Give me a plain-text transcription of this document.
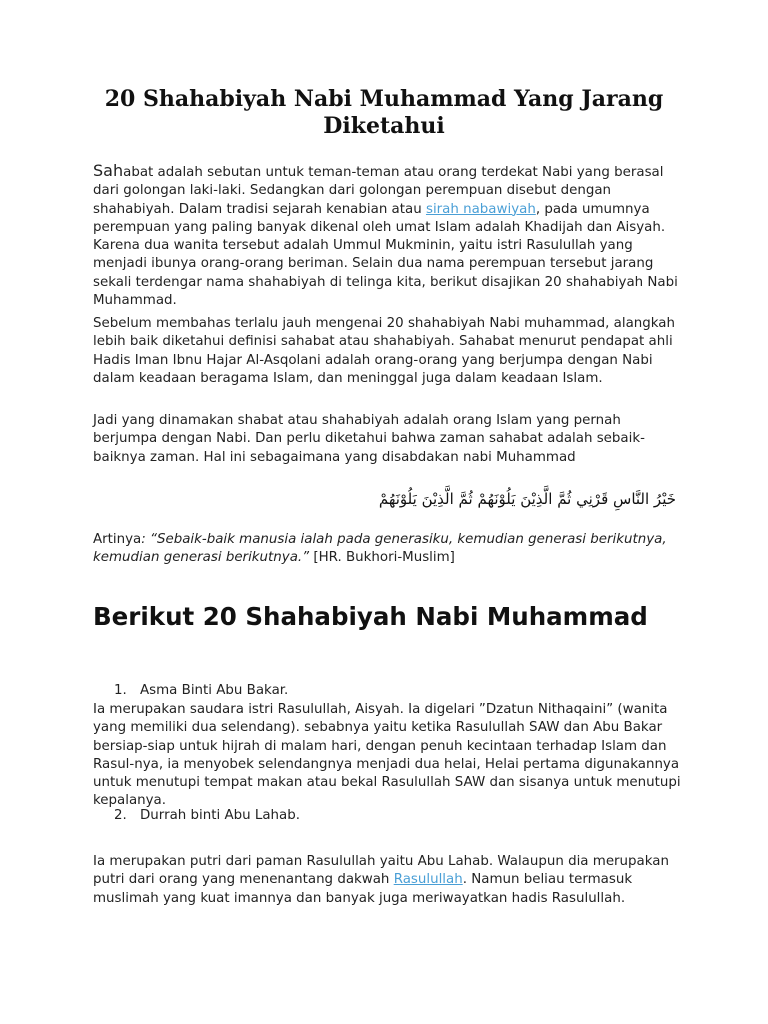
20 Shahabiyah Nabi Muhammad Yang Jarang Diketahui

Sahabat adalah sebutan untuk teman-teman atau orang terdekat Nabi yang berasal dari golongan laki-laki. Sedangkan dari golongan perempuan disebut dengan shahabiyah. Dalam tradisi sejarah kenabian atau sirah nabawiyah, pada umumnya perempuan yang paling banyak dikenal oleh umat Islam adalah Khadijah dan Aisyah. Karena dua wanita tersebut adalah Ummul Mukminin, yaitu istri Rasulullah yang menjadi ibunya orang-orang beriman. Selain dua nama perempuan tersebut jarang sekali terdengar nama shahabiyah di telinga kita, berikut disajikan 20 shahabiyah Nabi Muhammad.

Sebelum membahas terlalu jauh mengenai 20 shahabiyah Nabi muhammad, alangkah lebih baik diketahui definisi sahabat atau shahabiyah. Sahabat menurut pendapat ahli Hadis Iman Ibnu Hajar Al-Asqolani adalah orang-orang yang berjumpa dengan Nabi dalam keadaan beragama Islam, dan meninggal juga dalam keadaan Islam.

Jadi yang dinamakan shabat atau shahabiyah adalah orang Islam yang pernah berjumpa dengan Nabi. Dan perlu diketahui bahwa zaman sahabat adalah sebaik-baiknya zaman. Hal ini sebagaimana yang disabdakan nabi Muhammad

خَيْرُ النَّاسِ قَرْنِي ثُمَّ الَّذِيْنَ يَلُوْنَهُمْ ثُمَّ الَّذِيْنَ يَلُوْنَهُمْ

Artinya: “Sebaik-baik manusia ialah pada generasiku, kemudian generasi berikutnya, kemudian generasi berikutnya.” [HR. Bukhori-Muslim]

Berikut 20 Shahabiyah Nabi Muhammad

1. Asma Binti Abu Bakar.

Ia merupakan saudara istri Rasulullah, Aisyah. Ia digelari ”Dzatun Nithaqaini” (wanita yang memiliki dua selendang). sebabnya yaitu ketika Rasulullah SAW dan Abu Bakar bersiap-siap untuk hijrah di malam hari, dengan penuh kecintaan terhadap Islam dan Rasul-nya, ia menyobek selendangnya menjadi dua helai, Helai pertama digunakannya untuk menutupi tempat makan atau bekal Rasulullah SAW dan sisanya untuk menutupi kepalanya.

2. Durrah binti Abu Lahab.

Ia merupakan putri dari paman Rasulullah yaitu Abu Lahab. Walaupun dia merupakan putri dari orang yang menenantang dakwah Rasulullah. Namun beliau termasuk muslimah yang kuat imannya dan banyak juga meriwayatkan hadis Rasulullah.
